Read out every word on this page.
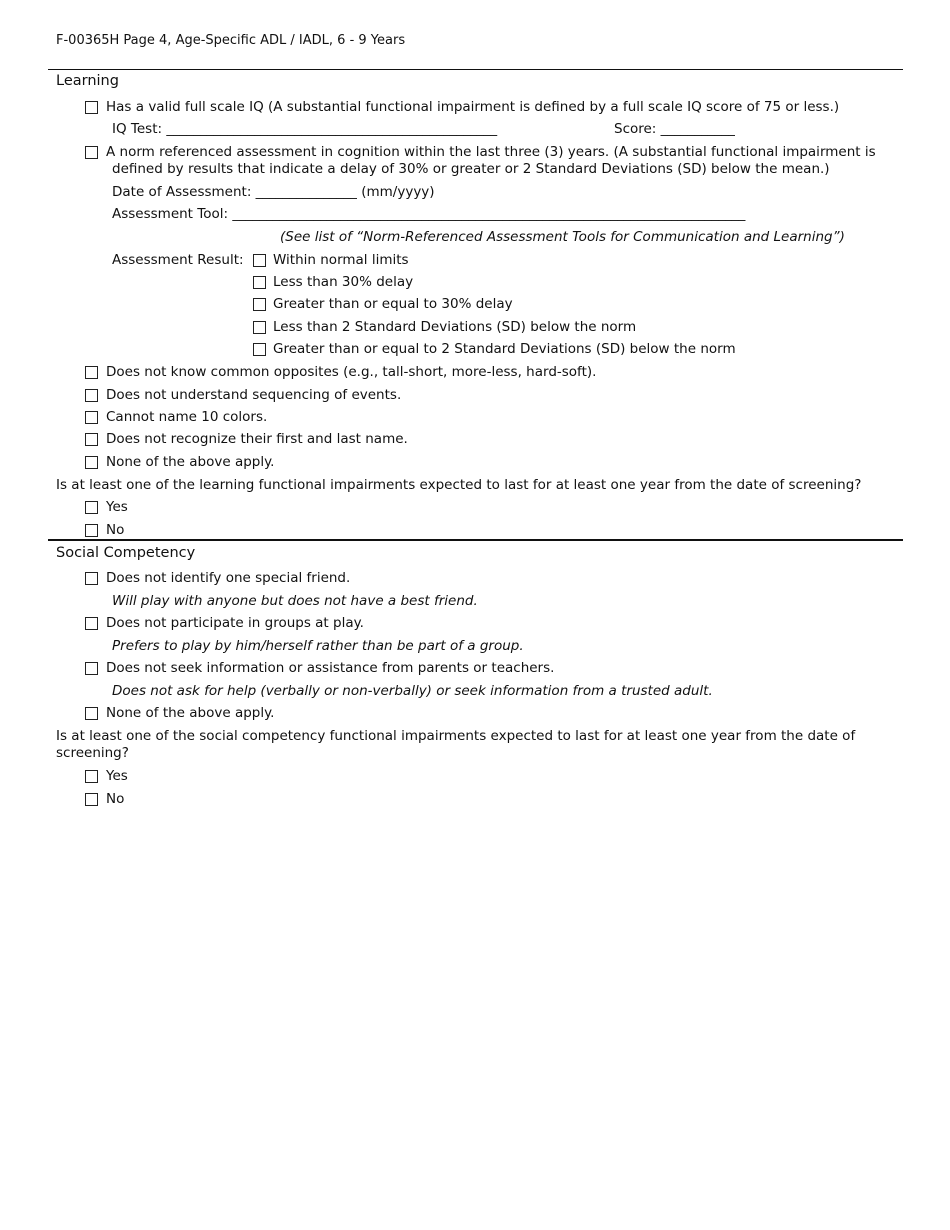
F-00365H Page 4, Age-Specific ADL / IADL, 6 - 9 Years
Learning
Has a valid full scale IQ (A substantial functional impairment is defined by a full scale IQ score of 75 or less.)
IQ Test: _________________________________________________	Score: ___________
A norm referenced assessment in cognition within the last three (3) years. (A substantial functional impairment is
defined by results that indicate a delay of 30% or greater or 2 Standard Deviations (SD) below the mean.)
Date of Assessment: _______________ (mm/yyyy)
Assessment Tool: ____________________________________________________________________________
(See list of “Norm-Referenced Assessment Tools for Communication and Learning”)
Assessment Result: Within normal limits
Less than 30% delay
Greater than or equal to 30% delay
Less than 2 Standard Deviations (SD) below the norm
Greater than or equal to 2 Standard Deviations (SD) below the norm
Does not know common opposites (e.g., tall-short, more-less, hard-soft).
Does not understand sequencing of events.
Cannot name 10 colors.
Does not recognize their first and last name.
None of the above apply.
Is at least one of the learning functional impairments expected to last for at least one year from the date of screening?
Yes
No
Social Competency
Does not identify one special friend.
Will play with anyone but does not have a best friend.
Does not participate in groups at play.
Prefers to play by him/herself rather than be part of a group.
Does not seek information or assistance from parents or teachers.
Does not ask for help (verbally or non-verbally) or seek information from a trusted adult.
None of the above apply.
Is at least one of the social competency functional impairments expected to last for at least one year from the date of screening?
Yes
No
